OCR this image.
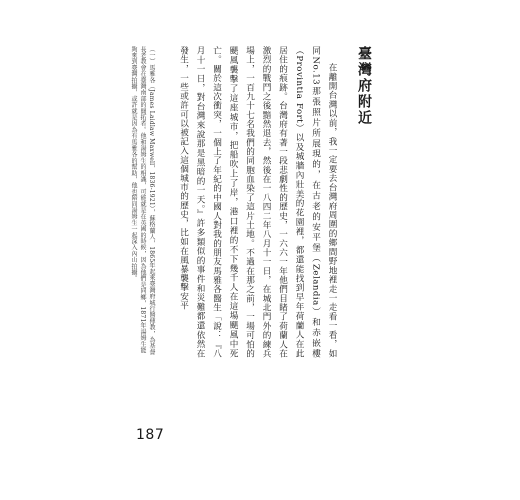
臺灣府附近

在離開台灣以前，我一定要去台灣府周圍的鄉間野地裡走一走看一看，如同No.13那張照片所展現的，在古老的安平堡（Zelandia）和赤嵌樓（Provintia Fort）以及城牆內壯美的花園裡，都還能找到早年荷蘭人在此居住的痕跡。台灣府有著一段悲劇性的歷史，一六六一年他們目睹了荷蘭人在激烈的戰鬥之後黯然退去，然後在一八四二年八月十一日，在城北門外的練兵場上，一百九十七名我們的同胞血染了這片土地。不過在那之前，一場可怕的颶風襲擊了這座城市，把船吹上了岸，港口裡的不下幾千人在這場颶風中死亡。關於這次衝突，一個上了年紀的中國人對我的朋友馬雅各醫生「說：『八月十一日，對台灣來說那是黑暗的一天。』許多類似的事件和災難都還依然在發生，一些或許可以被記入這個城市的歷史，比如在風暴襲擊安平

（一）馬雅各（James Laidlaw Maxwell，1836-1921），蘇格蘭人，1865年起來臺灣府城行醫傳教，為基督長老教會在臺灣南部的開拓者。他和湯姆生的相識，可能就是在英國的時候，因為他們是同鄉，1871年湯姆生能夠來到臺灣拍攝，或許就是因為有馬雅各的幫助，他也陪同湯姆生一起深入內山拍攝。

187
